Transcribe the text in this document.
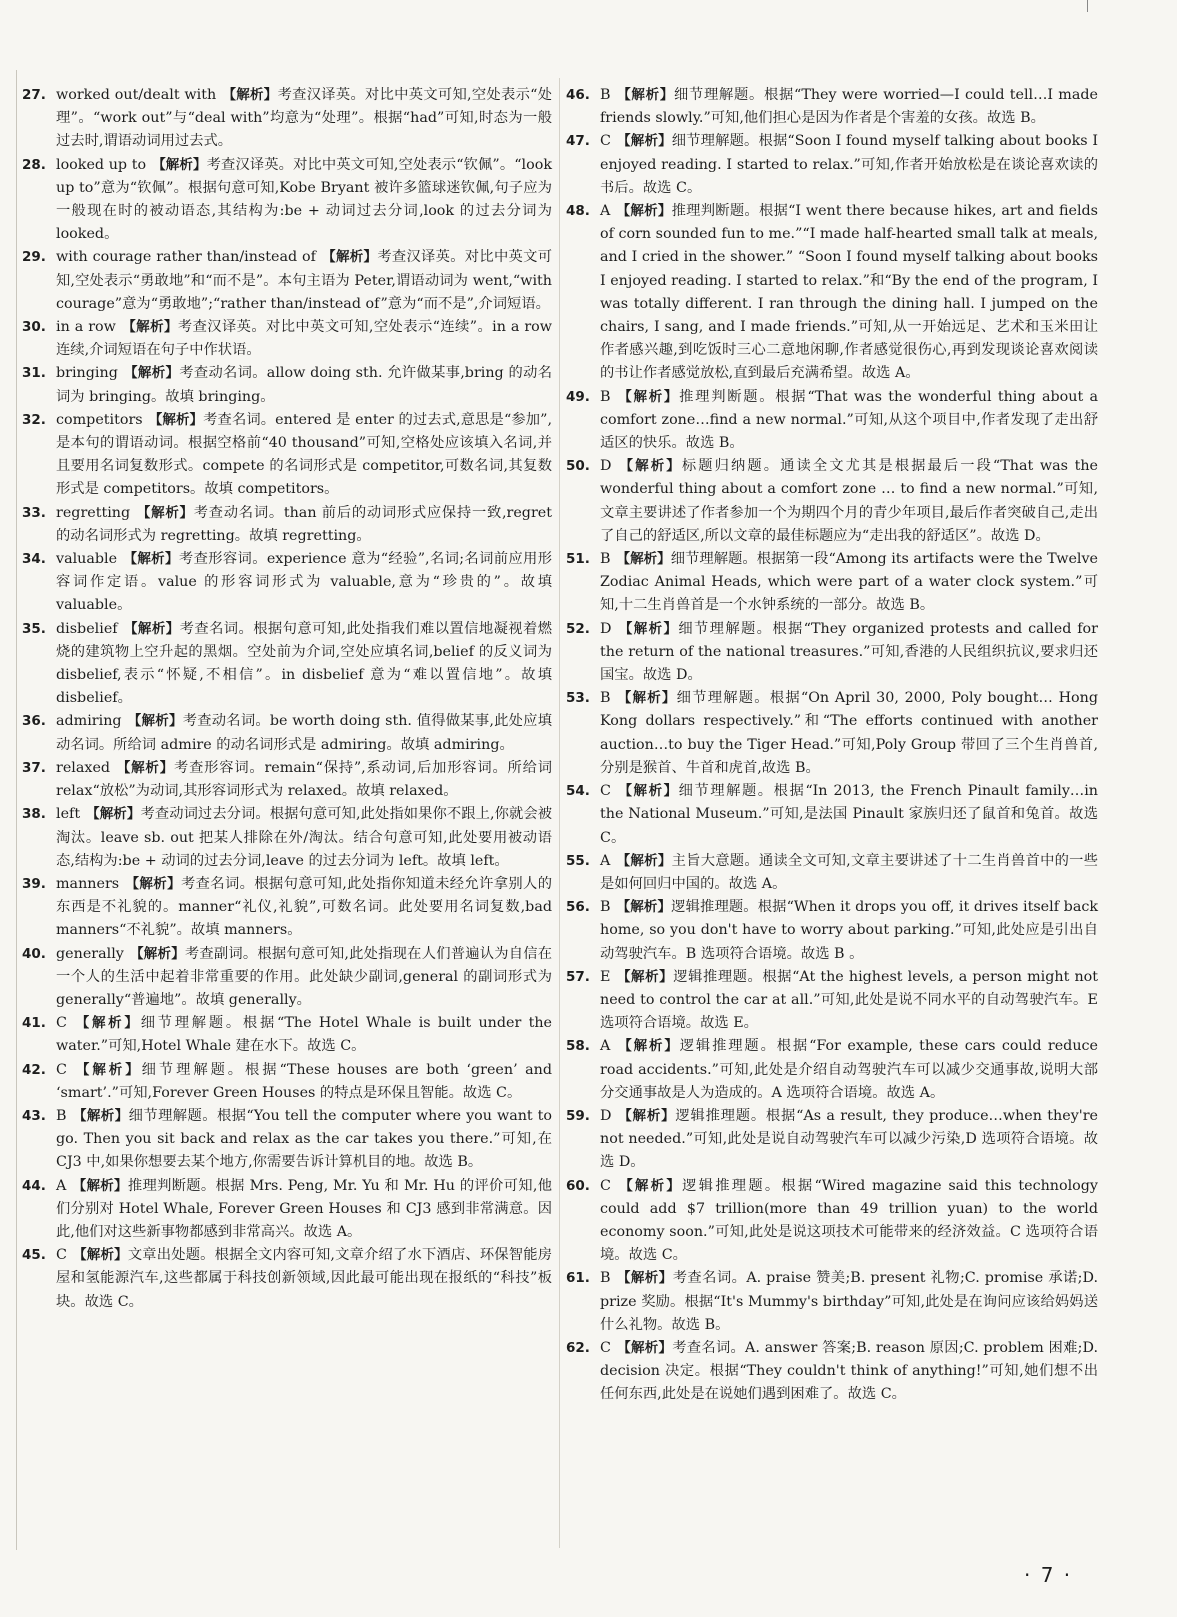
27. worked out/dealt with 【解析】考查汉译英。对比中英文可知,空处表示“处理”。“work out”与“deal with”均意为“处理”。根据“had”可知,时态为一般过去时,谓语动词用过去式。

28. looked up to 【解析】考查汉译英。对比中英文可知,空处表示“钦佩”。“look up to”意为“钦佩”。根据句意可知,Kobe Bryant 被许多篮球迷钦佩,句子应为一般现在时的被动语态,其结构为:be + 动词过去分词,look 的过去分词为 looked。

29. with courage rather than/instead of 【解析】考查汉译英。对比中英文可知,空处表示“勇敢地”和“而不是”。本句主语为 Peter,谓语动词为 went,“with courage”意为“勇敢地”;“rather than/instead of”意为“而不是”,介词短语。

30. in a row 【解析】考查汉译英。对比中英文可知,空处表示“连续”。in a row 连续,介词短语在句子中作状语。

31. bringing 【解析】考查动名词。allow doing sth. 允许做某事,bring 的动名词为 bringing。故填 bringing。

32. competitors 【解析】考查名词。entered 是 enter 的过去式,意思是“参加”,是本句的谓语动词。根据空格前“40 thousand”可知,空格处应该填入名词,并且要用名词复数形式。compete 的名词形式是 competitor,可数名词,其复数形式是 competitors。故填 competitors。

33. regretting 【解析】考查动名词。than 前后的动词形式应保持一致,regret 的动名词形式为 regretting。故填 regretting。

34. valuable 【解析】考查形容词。experience 意为“经验”,名词;名词前应用形容词作定语。value 的形容词形式为 valuable,意为“珍贵的”。故填 valuable。

35. disbelief 【解析】考查名词。根据句意可知,此处指我们难以置信地凝视着燃烧的建筑物上空升起的黑烟。空处前为介词,空处应填名词,belief 的反义词为 disbelief,表示“怀疑,不相信”。in disbelief 意为“难以置信地”。故填 disbelief。

36. admiring 【解析】考查动名词。be worth doing sth. 值得做某事,此处应填动名词。所给词 admire 的动名词形式是 admiring。故填 admiring。

37. relaxed 【解析】考查形容词。remain“保持”,系动词,后加形容词。所给词 relax“放松”为动词,其形容词形式为 relaxed。故填 relaxed。

38. left 【解析】考查动词过去分词。根据句意可知,此处指如果你不跟上,你就会被淘汰。leave sb. out 把某人排除在外/淘汰。结合句意可知,此处要用被动语态,结构为:be + 动词的过去分词,leave 的过去分词为 left。故填 left。

39. manners 【解析】考查名词。根据句意可知,此处指你知道未经允许拿别人的东西是不礼貌的。manner“礼仪,礼貌”,可数名词。此处要用名词复数,bad manners“不礼貌”。故填 manners。

40. generally 【解析】考查副词。根据句意可知,此处指现在人们普遍认为自信在一个人的生活中起着非常重要的作用。此处缺少副词,general 的副词形式为 generally“普遍地”。故填 generally。

41. C 【解析】细节理解题。根据“The Hotel Whale is built under the water.”可知,Hotel Whale 建在水下。故选 C。

42. C 【解析】细节理解题。根据“These houses are both ‘green’ and ‘smart’.”可知,Forever Green Houses 的特点是环保且智能。故选 C。

43. B 【解析】细节理解题。根据“You tell the computer where you want to go. Then you sit back and relax as the car takes you there.”可知,在 CJ3 中,如果你想要去某个地方,你需要告诉计算机目的地。故选 B。

44. A 【解析】推理判断题。根据 Mrs. Peng, Mr. Yu 和 Mr. Hu 的评价可知,他们分别对 Hotel Whale, Forever Green Houses 和 CJ3 感到非常满意。因此,他们对这些新事物都感到非常高兴。故选 A。

45. C 【解析】文章出处题。根据全文内容可知,文章介绍了水下酒店、环保智能房屋和氢能源汽车,这些都属于科技创新领域,因此最可能出现在报纸的“科技”板块。故选 C。

46. B 【解析】细节理解题。根据“They were worried—I could tell…I made friends slowly.”可知,他们担心是因为作者是个害羞的女孩。故选 B。

47. C 【解析】细节理解题。根据“Soon I found myself talking about books I enjoyed reading. I started to relax.”可知,作者开始放松是在谈论喜欢读的书后。故选 C。

48. A 【解析】推理判断题。根据“I went there because hikes, art and fields of corn sounded fun to me.”“I made half-hearted small talk at meals, and I cried in the shower.” “Soon I found myself talking about books I enjoyed reading. I started to relax.”和“By the end of the program, I was totally different. I ran through the dining hall. I jumped on the chairs, I sang, and I made friends.”可知,从一开始远足、艺术和玉米田让作者感兴趣,到吃饭时三心二意地闲聊,作者感觉很伤心,再到发现谈论喜欢阅读的书让作者感觉放松,直到最后充满希望。故选 A。

49. B 【解析】推理判断题。根据“That was the wonderful thing about a comfort zone…find a new normal.”可知,从这个项目中,作者发现了走出舒适区的快乐。故选 B。

50. D 【解析】标题归纳题。通读全文尤其是根据最后一段“That was the wonderful thing about a comfort zone … to find a new normal.”可知,文章主要讲述了作者参加一个为期四个月的青少年项目,最后作者突破自己,走出了自己的舒适区,所以文章的最佳标题应为“走出我的舒适区”。故选 D。

51. B 【解析】细节理解题。根据第一段“Among its artifacts were the Twelve Zodiac Animal Heads, which were part of a water clock system.”可知,十二生肖兽首是一个水钟系统的一部分。故选 B。

52. D 【解析】细节理解题。根据“They organized protests and called for the return of the national treasures.”可知,香港的人民组织抗议,要求归还国宝。故选 D。

53. B 【解析】细节理解题。根据“On April 30, 2000, Poly bought… Hong Kong dollars respectively.”和“The efforts continued with another auction…to buy the Tiger Head.”可知,Poly Group 带回了三个生肖兽首,分别是猴首、牛首和虎首,故选 B。

54. C 【解析】细节理解题。根据“In 2013, the French Pinault family…in the National Museum.”可知,是法国 Pinault 家族归还了鼠首和兔首。故选 C。

55. A 【解析】主旨大意题。通读全文可知,文章主要讲述了十二生肖兽首中的一些是如何回归中国的。故选 A。

56. B 【解析】逻辑推理题。根据“When it drops you off, it drives itself back home, so you don't have to worry about parking.”可知,此处应是引出自动驾驶汽车。B 选项符合语境。故选 B 。

57. E 【解析】逻辑推理题。根据“At the highest levels, a person might not need to control the car at all.”可知,此处是说不同水平的自动驾驶汽车。E 选项符合语境。故选 E。

58. A 【解析】逻辑推理题。根据“For example, these cars could reduce road accidents.”可知,此处是介绍自动驾驶汽车可以减少交通事故,说明大部分交通事故是人为造成的。A 选项符合语境。故选 A。

59. D 【解析】逻辑推理题。根据“As a result, they produce…when they're not needed.”可知,此处是说自动驾驶汽车可以减少污染,D 选项符合语境。故选 D。

60. C 【解析】逻辑推理题。根据“Wired magazine said this technology could add $7 trillion(more than 49 trillion yuan) to the world economy soon.”可知,此处是说这项技术可能带来的经济效益。C 选项符合语境。故选 C。

61. B 【解析】考查名词。A. praise 赞美;B. present 礼物;C. promise 承诺;D. prize 奖励。根据“It's Mummy's birthday”可知,此处是在询问应该给妈妈送什么礼物。故选 B。

62. C 【解析】考查名词。A. answer 答案;B. reason 原因;C. problem 困难;D. decision 决定。根据“They couldn't think of anything!”可知,她们想不出任何东西,此处是在说她们遇到困难了。故选 C。

· 7 ·
